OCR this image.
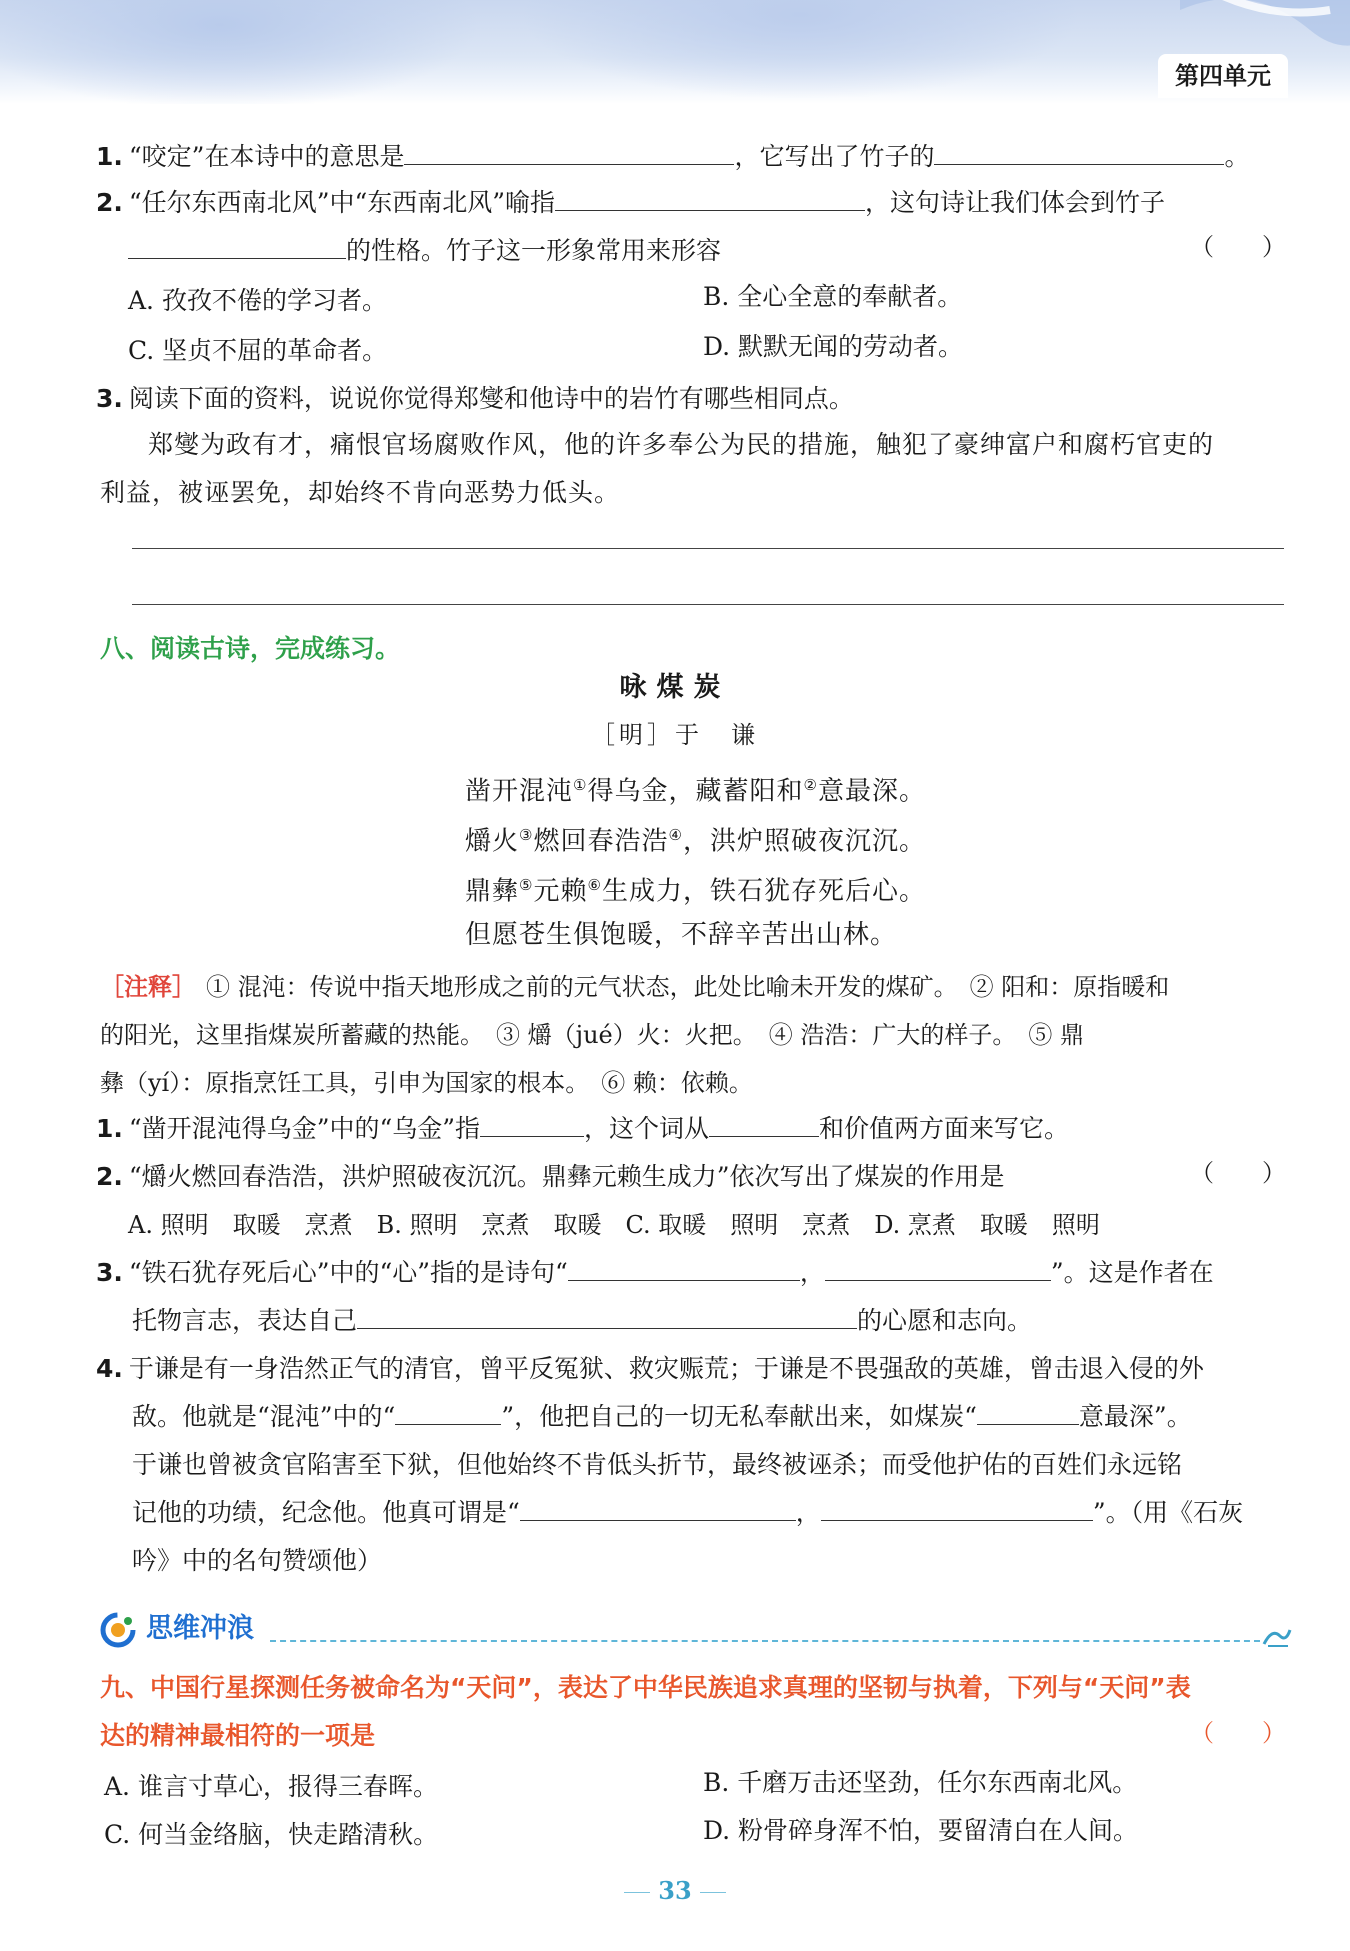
第四单元
1. “咬定”在本诗中的意思是	，它写出了竹子的	。
2. “任尔东西南北风”中“东西南北风”喻指	，这句诗让我们体会到竹子
的性格。竹子这一形象常用来形容	（　　）
A. 孜孜不倦的学习者。	B. 全心全意的奉献者。
C. 坚贞不屈的革命者。	D. 默默无闻的劳动者。
3. 阅读下面的资料，说说你觉得郑燮和他诗中的岩竹有哪些相同点。
郑燮为政有才，痛恨官场腐败作风，他的许多奉公为民的措施，触犯了豪绅富户和腐朽官吏的
利益，被诬罢免，却始终不肯向恶势力低头。
八、阅读古诗，完成练习。
咏煤炭
［明］于　谦
凿开混沌①得乌金，藏蓄阳和②意最深。
爝火③燃回春浩浩④，洪炉照破夜沉沉。
鼎彝⑤元赖⑥生成力，铁石犹存死后心。
但愿苍生俱饱暖，不辞辛苦出山林。
［注释］ ① 混沌：传说中指天地形成之前的元气状态，此处比喻未开发的煤矿。　② 阳和：原指暖和
的阳光，这里指煤炭所蓄藏的热能。　③ 爝（jué）火：火把。　④ 浩浩：广大的样子。　⑤ 鼎
彝（yí）：原指烹饪工具，引申为国家的根本。　⑥ 赖：依赖。
1. “凿开混沌得乌金”中的“乌金”指	，这个词从	和价值两方面来写它。
2. “爝火燃回春浩浩，洪炉照破夜沉沉。鼎彝元赖生成力”依次写出了煤炭的作用是	（　　）
A. 照明　取暖　烹煮　B. 照明　烹煮　取暖　C. 取暖　照明　烹煮　D. 烹煮　取暖　照明
3. “铁石犹存死后心”中的“心”指的是诗句“	，	”。这是作者在
托物言志，表达自己	的心愿和志向。
4. 于谦是有一身浩然正气的清官，曾平反冤狱、救灾赈荒；于谦是不畏强敌的英雄，曾击退入侵的外
敌。他就是“混沌”中的“	”，他把自己的一切无私奉献出来，如煤炭“	意最深”。
于谦也曾被贪官陷害至下狱，但他始终不肯低头折节，最终被诬杀；而受他护佑的百姓们永远铭
记他的功绩，纪念他。他真可谓是“	，	”。（用《石灰
吟》中的名句赞颂他）
思维冲浪
九、中国行星探测任务被命名为“天问”，表达了中华民族追求真理的坚韧与执着，下列与“天问”表
达的精神最相符的一项是	（　　）
A. 谁言寸草心，报得三春晖。	B. 千磨万击还坚劲，任尔东西南北风。
C. 何当金络脑，快走踏清秋。	D. 粉骨碎身浑不怕，要留清白在人间。
33
